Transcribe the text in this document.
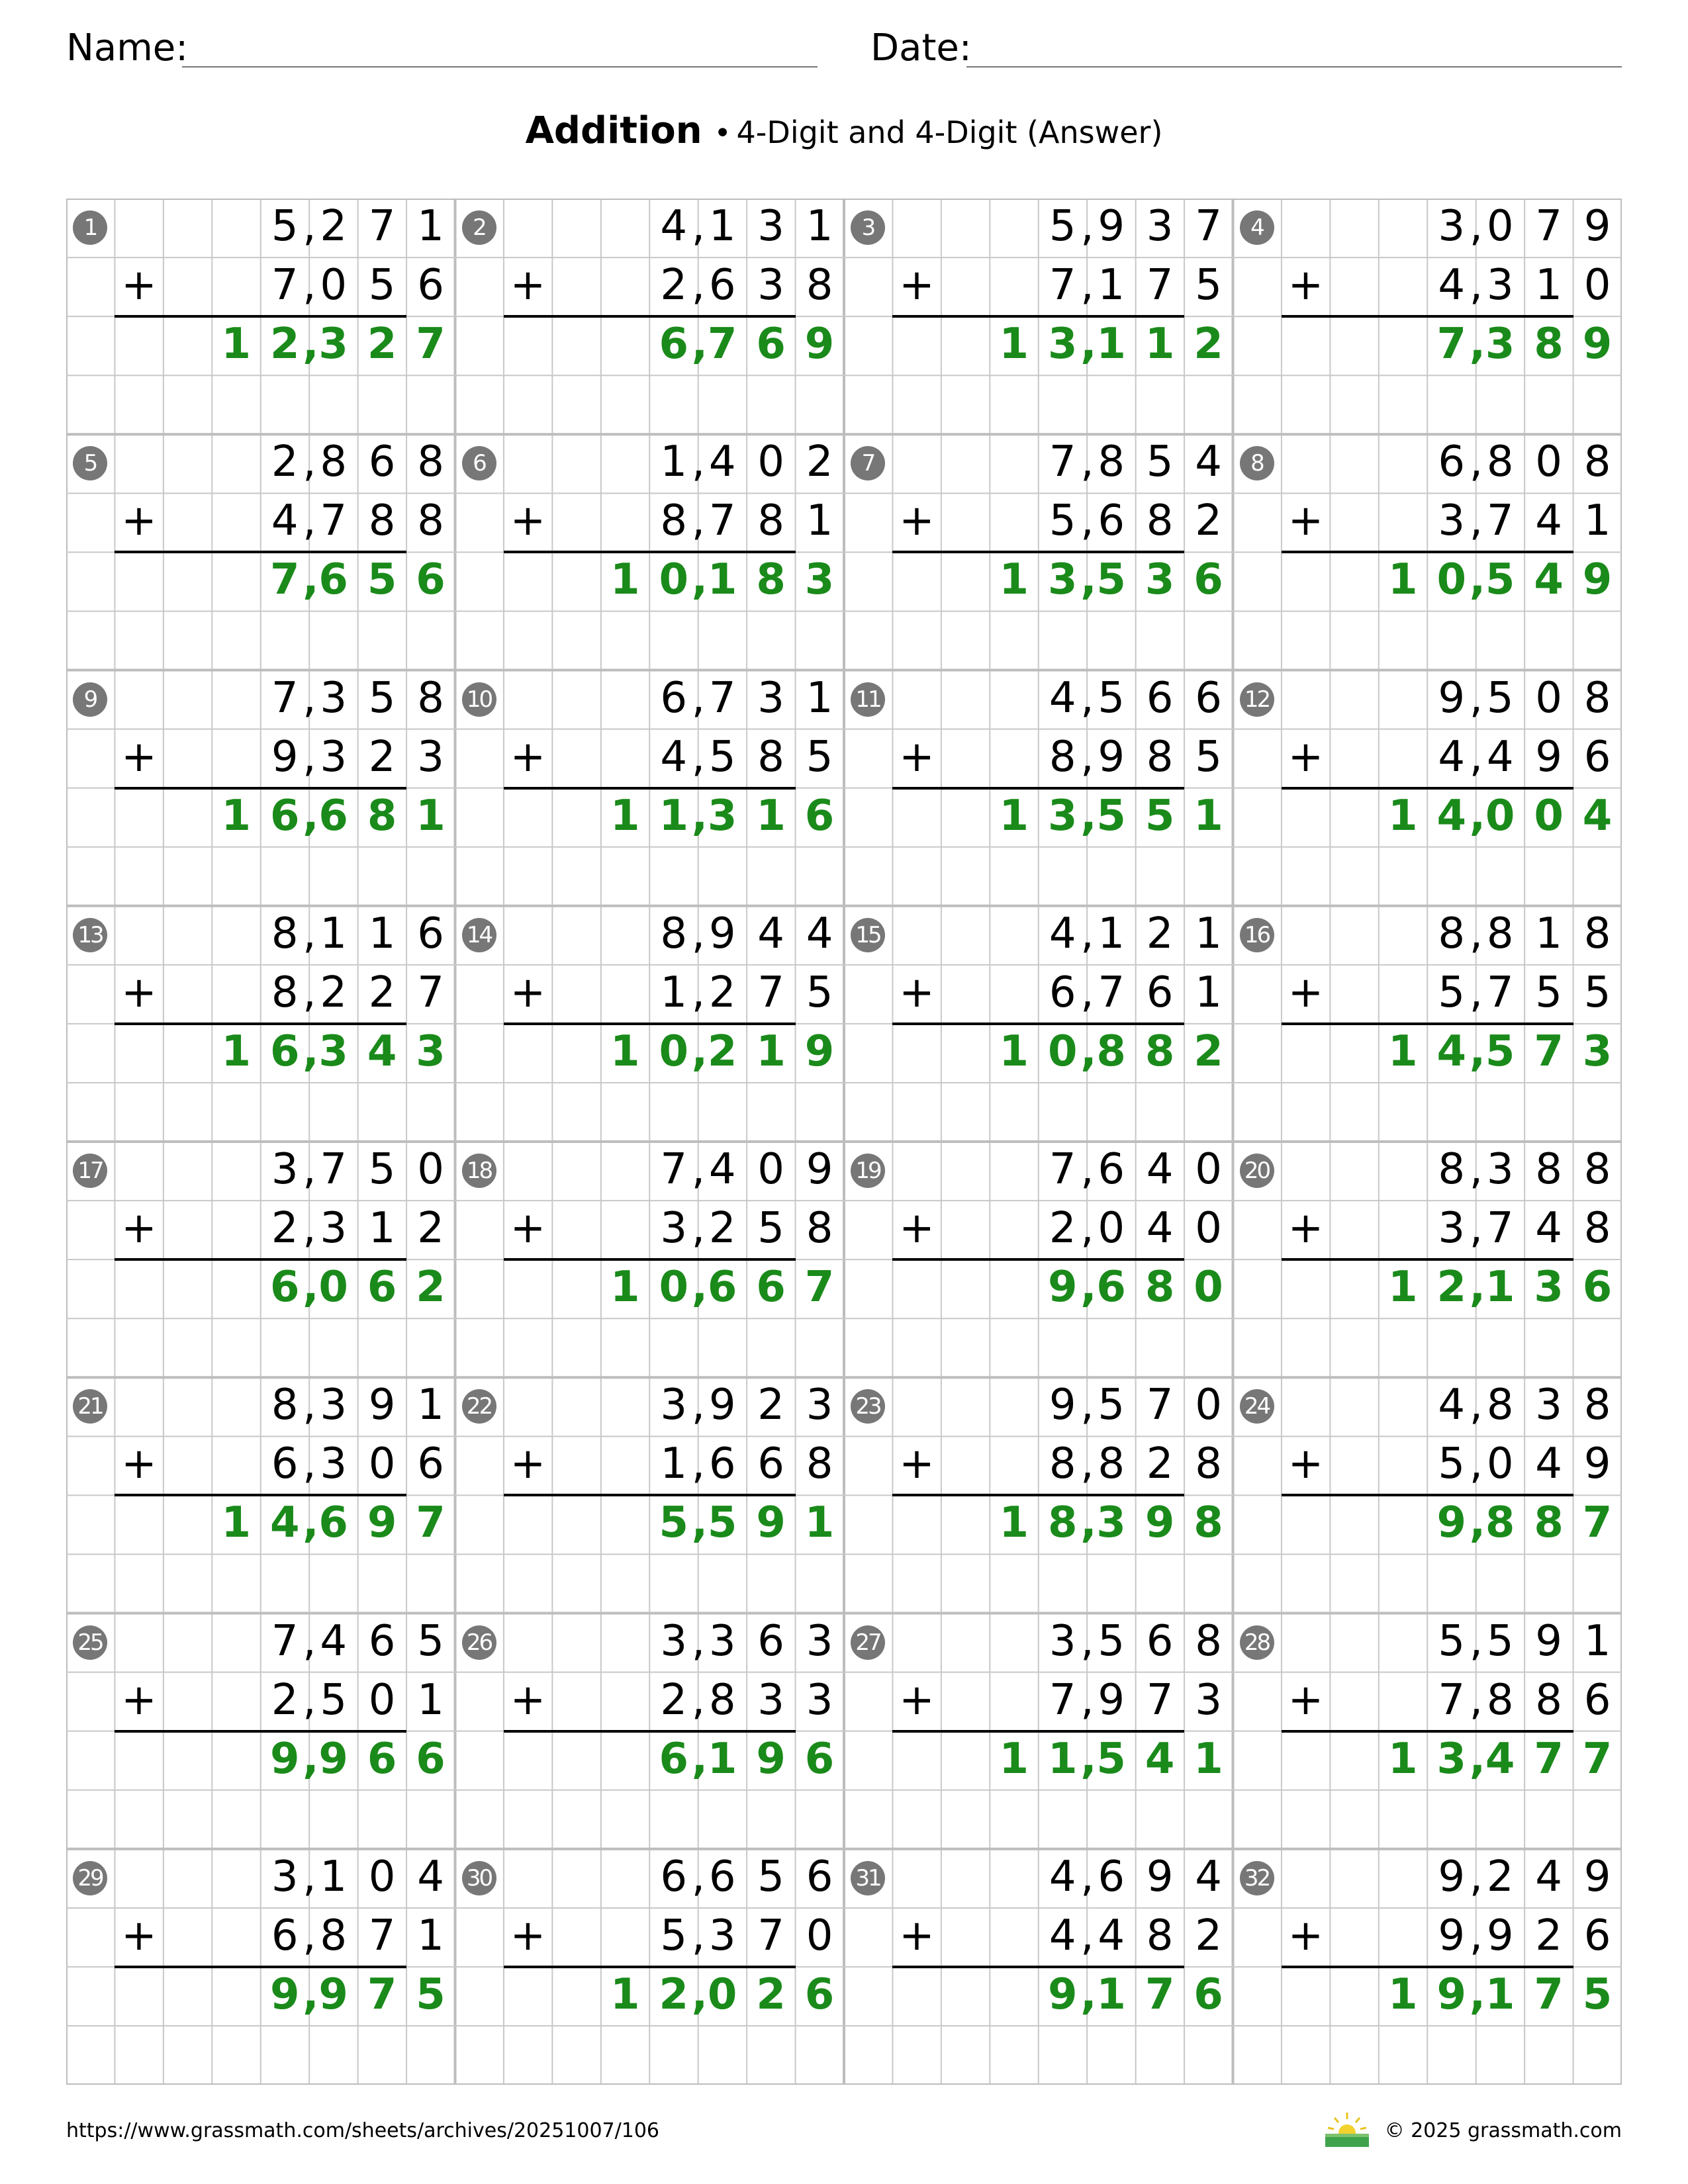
Name:	Date:
Addition • 4-Digit and 4-Digit (Answer)
1	5 , 2 7 1
+	7 , 0 5 6
1 2 , 3 2 7
2	4 , 1 3 1
+	2 , 6 3 8
6 , 7 6 9
3	5 , 9 3 7
+	7 , 1 7 5
1 3 , 1 1 2
4	3 , 0 7 9
+	4 , 3 1 0
7 , 3 8 9
5	2 , 8 6 8
+	4 , 7 8 8
7 , 6 5 6
6	1 , 4 0 2
+	8 , 7 8 1
1 0 , 1 8 3
7	7 , 8 5 4
+	5 , 6 8 2
1 3 , 5 3 6
8	6 , 8 0 8
+	3 , 7 4 1
1 0 , 5 4 9
9	7 , 3 5 8
+	9 , 3 2 3
1 6 , 6 8 1
10	6 , 7 3 1
+	4 , 5 8 5
1 1 , 3 1 6
11	4 , 5 6 6
+	8 , 9 8 5
1 3 , 5 5 1
12	9 , 5 0 8
+	4 , 4 9 6
1 4 , 0 0 4
13	8 , 1 1 6
+	8 , 2 2 7
1 6 , 3 4 3
14	8 , 9 4 4
+	1 , 2 7 5
1 0 , 2 1 9
15	4 , 1 2 1
+	6 , 7 6 1
1 0 , 8 8 2
16	8 , 8 1 8
+	5 , 7 5 5
1 4 , 5 7 3
17	3 , 7 5 0
+	2 , 3 1 2
6 , 0 6 2
18	7 , 4 0 9
+	3 , 2 5 8
1 0 , 6 6 7
19	7 , 6 4 0
+	2 , 0 4 0
9 , 6 8 0
20	8 , 3 8 8
+	3 , 7 4 8
1 2 , 1 3 6
21	8 , 3 9 1
+	6 , 3 0 6
1 4 , 6 9 7
22	3 , 9 2 3
+	1 , 6 6 8
5 , 5 9 1
23	9 , 5 7 0
+	8 , 8 2 8
1 8 , 3 9 8
24	4 , 8 3 8
+	5 , 0 4 9
9 , 8 8 7
25	7 , 4 6 5
+	2 , 5 0 1
9 , 9 6 6
26	3 , 3 6 3
+	2 , 8 3 3
6 , 1 9 6
27	3 , 5 6 8
+	7 , 9 7 3
1 1 , 5 4 1
28	5 , 5 9 1
+	7 , 8 8 6
1 3 , 4 7 7
29	3 , 1 0 4
+	6 , 8 7 1
9 , 9 7 5
30	6 , 6 5 6
+	5 , 3 7 0
1 2 , 0 2 6
31	4 , 6 9 4
+	4 , 4 8 2
9 , 1 7 6
32	9 , 2 4 9
+	9 , 9 2 6
1 9 , 1 7 5
https://www.grassmath.com/sheets/archives/20251007/106	© 2025 grassmath.com
